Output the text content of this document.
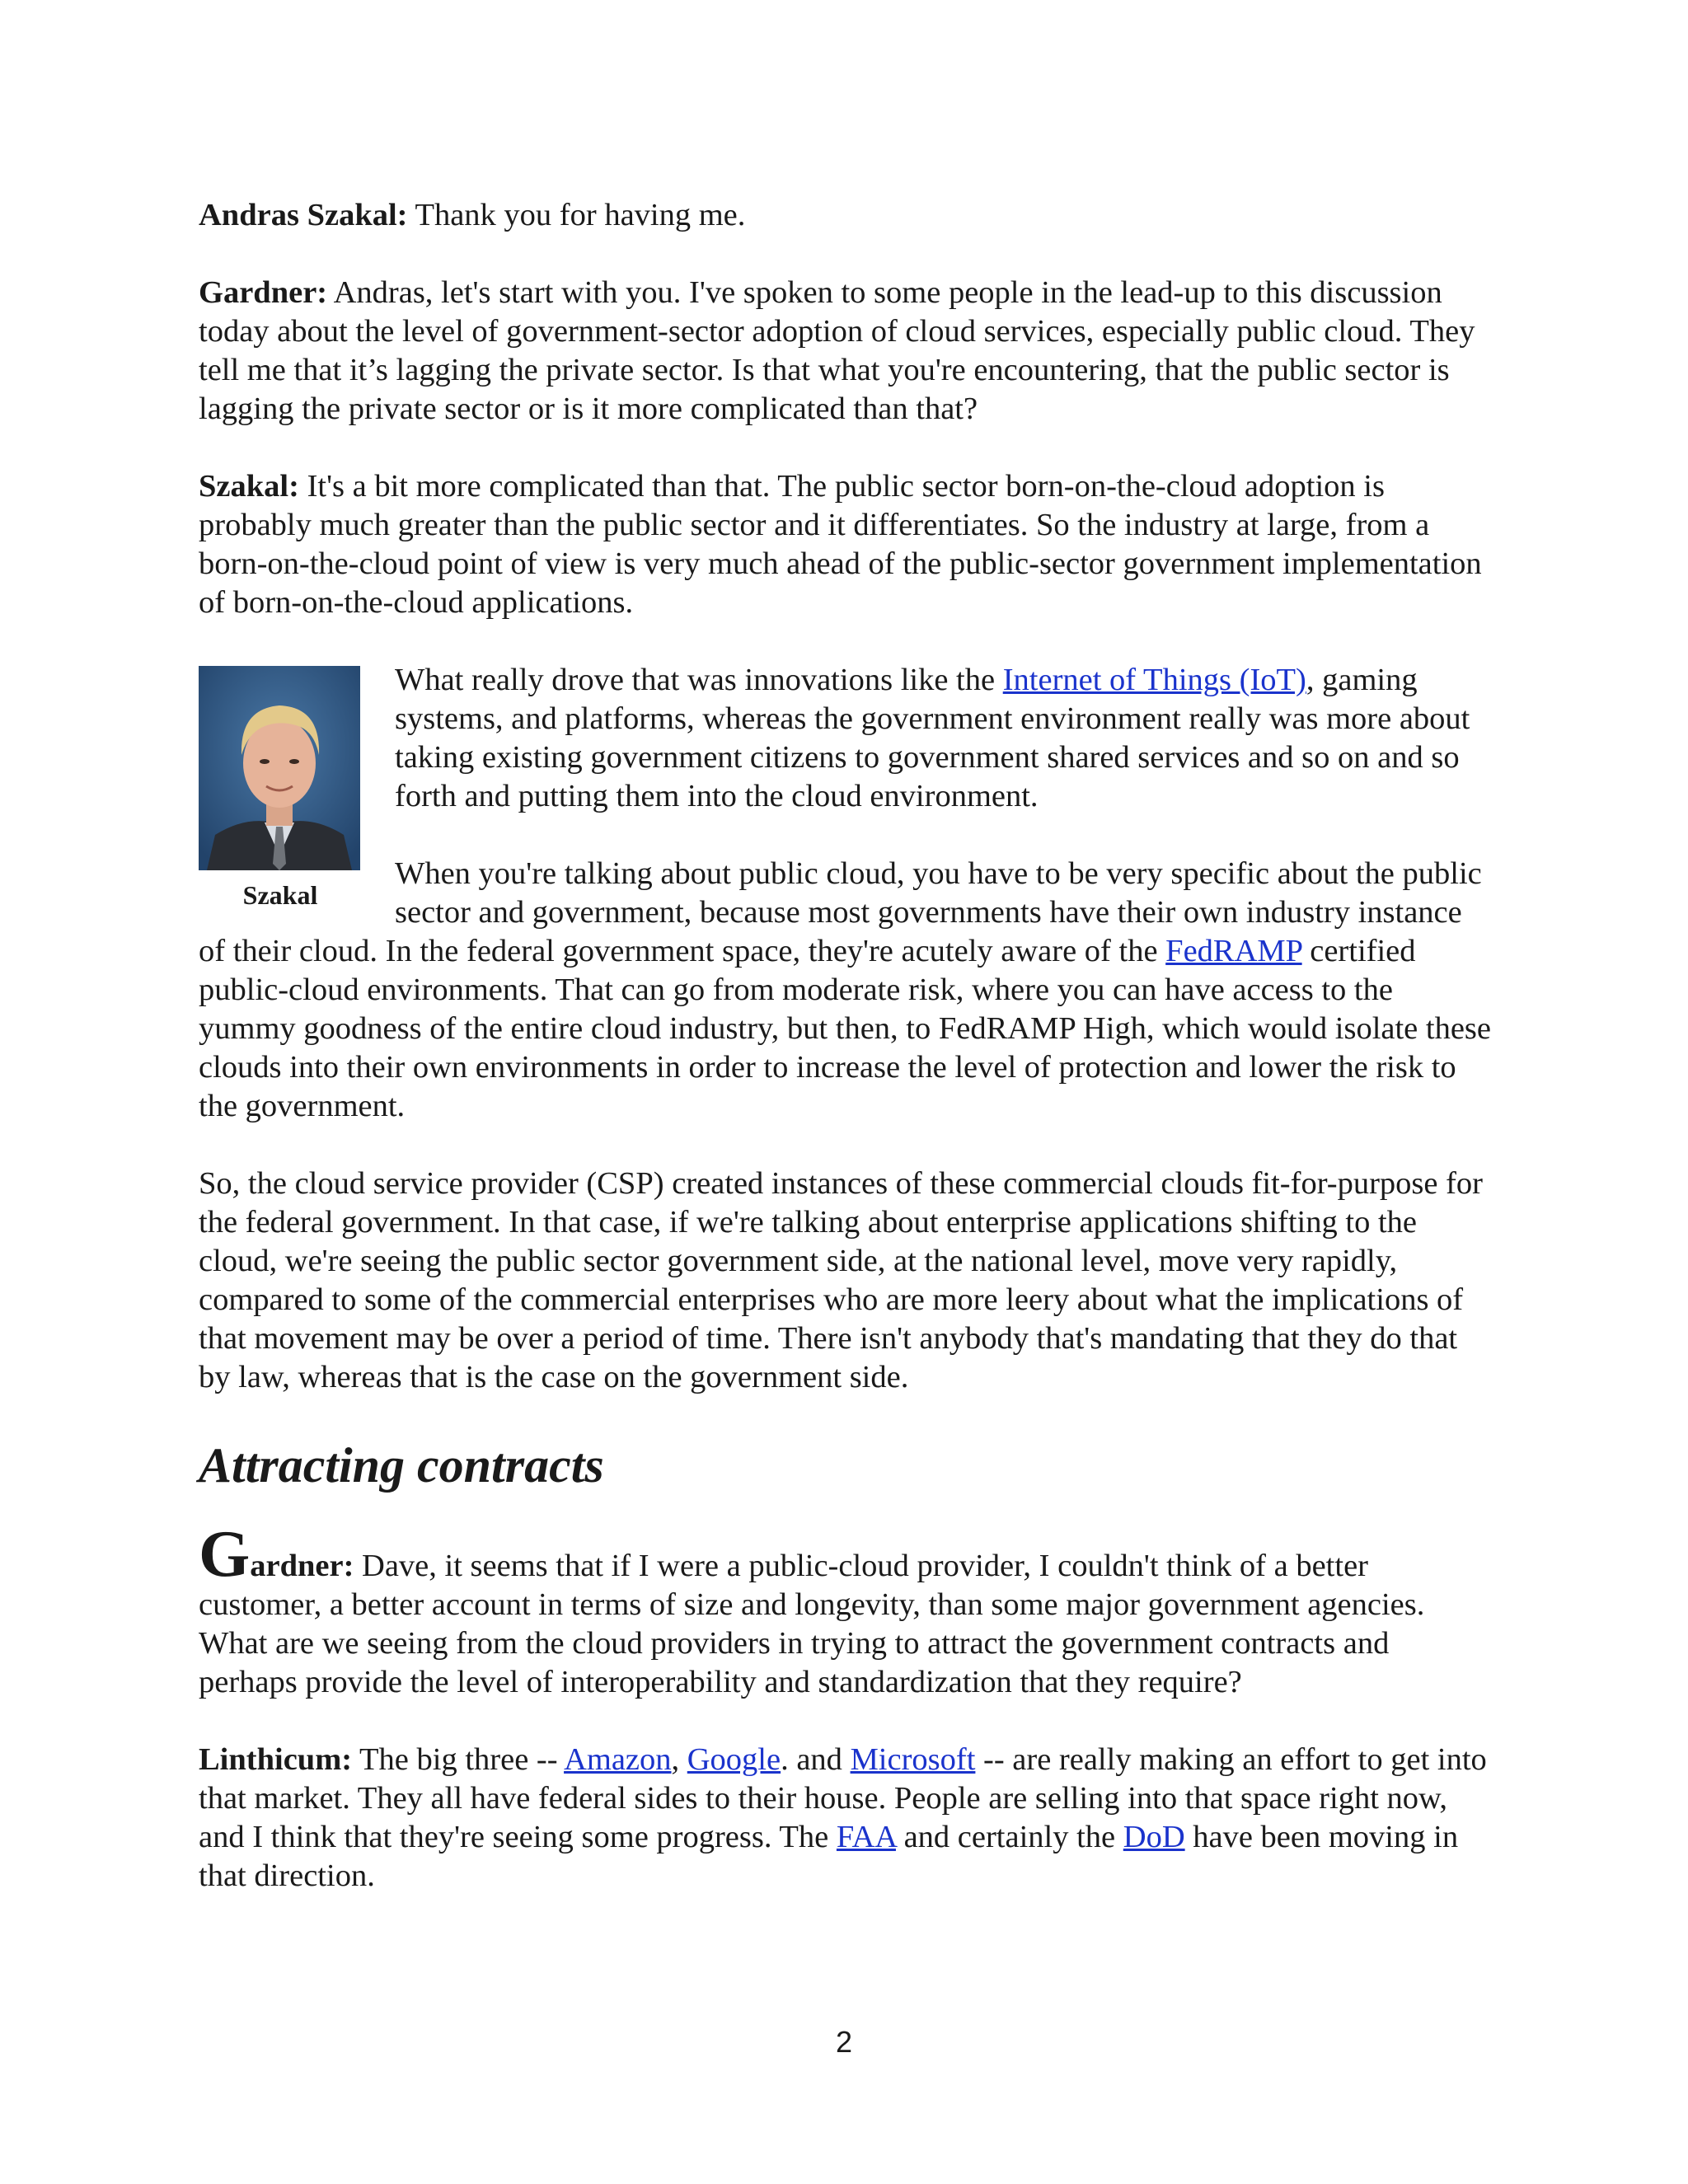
Andras Szakal: Thank you for having me.

Gardner: Andras, let's start with you. I've spoken to some people in the lead-up to this discussion today about the level of government-sector adoption of cloud services, especially public cloud. They tell me that it’s lagging the private sector. Is that what you're encountering, that the public sector is lagging the private sector or is it more complicated than that?

Szakal: It's a bit more complicated than that. The public sector born-on-the-cloud adoption is probably much greater than the public sector and it differentiates. So the industry at large, from a born-on-the-cloud point of view is very much ahead of the public-sector government implementation of born-on-the-cloud applications.

Szakal

What really drove that was innovations like the Internet of Things (IoT), gaming systems, and platforms, whereas the government environment really was more about taking existing government citizens to government shared services and so on and so forth and putting them into the cloud environment.

When you're talking about public cloud, you have to be very specific about the public sector and government, because most governments have their own industry instance of their cloud. In the federal government space, they're acutely aware of the FedRAMP certified public-cloud environments. That can go from moderate risk, where you can have access to the yummy goodness of the entire cloud industry, but then, to FedRAMP High, which would isolate these clouds into their own environments in order to increase the level of protection and lower the risk to the government.

So, the cloud service provider (CSP) created instances of these commercial clouds fit-for-purpose for the federal government. In that case, if we're talking about enterprise applications shifting to the cloud, we're seeing the public sector government side, at the national level, move very rapidly, compared to some of the commercial enterprises who are more leery about what the implications of that movement may be over a period of time. There isn't anybody that's mandating that they do that by law, whereas that is the case on the government side.

Attracting contracts

Gardner: Dave, it seems that if I were a public-cloud provider, I couldn't think of a better customer, a better account in terms of size and longevity, than some major government agencies. What are we seeing from the cloud providers in trying to attract the government contracts and perhaps provide the level of interoperability and standardization that they require?

Linthicum: The big three -- Amazon, Google. and Microsoft -- are really making an effort to get into that market. They all have federal sides to their house. People are selling into that space right now, and I think that they're seeing some progress. The FAA and certainly the DoD have been moving in that direction.

2
